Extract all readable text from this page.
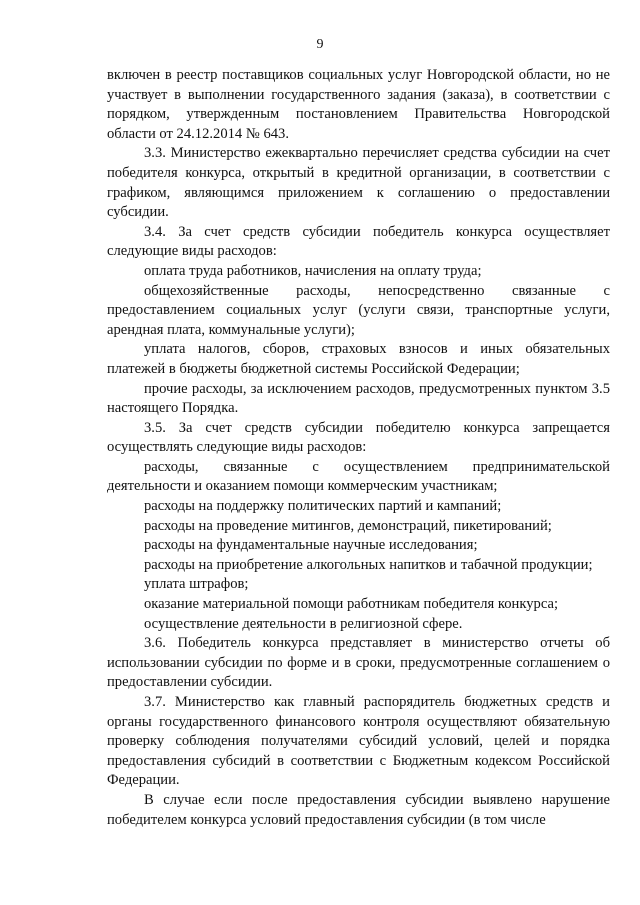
9

включен в реестр поставщиков социальных услуг Новгородской области, но не участвует в выполнении государственного задания (заказа), в соответствии с порядком, утвержденным постановлением Правительства Новгородской области от 24.12.2014 № 643.

3.3. Министерство ежеквартально перечисляет средства субсидии на счет победителя конкурса, открытый в кредитной организации, в соответствии с графиком, являющимся приложением к соглашению о предоставлении субсидии.

3.4. За счет средств субсидии победитель конкурса осуществляет следующие виды расходов:

оплата труда работников, начисления на оплату труда;

общехозяйственные расходы, непосредственно связанные с предоставлением социальных услуг (услуги связи, транспортные услуги, арендная плата, коммунальные услуги);

уплата налогов, сборов, страховых взносов и иных обязательных платежей в бюджеты бюджетной системы Российской Федерации;

прочие расходы, за исключением расходов, предусмотренных пунктом 3.5 настоящего Порядка.

3.5. За счет средств субсидии победителю конкурса запрещается осуществлять следующие виды расходов:

расходы, связанные с осуществлением предпринимательской деятельности и оказанием помощи коммерческим участникам;

расходы на поддержку политических партий и кампаний;

расходы на проведение митингов, демонстраций, пикетирований;

расходы на фундаментальные научные исследования;

расходы на приобретение алкогольных напитков и табачной продукции;

уплата штрафов;

оказание материальной помощи работникам победителя конкурса;

осуществление деятельности в религиозной сфере.

3.6. Победитель конкурса представляет в министерство отчеты об использовании субсидии по форме и в сроки, предусмотренные соглашением о предоставлении субсидии.

3.7. Министерство как главный распорядитель бюджетных средств и органы государственного финансового контроля осуществляют обязательную проверку соблюдения получателями субсидий условий, целей и порядка предоставления субсидий в соответствии с Бюджетным кодексом Российской Федерации.

В случае если после предоставления субсидии выявлено нарушение победителем конкурса условий предоставления субсидии (в том числе
